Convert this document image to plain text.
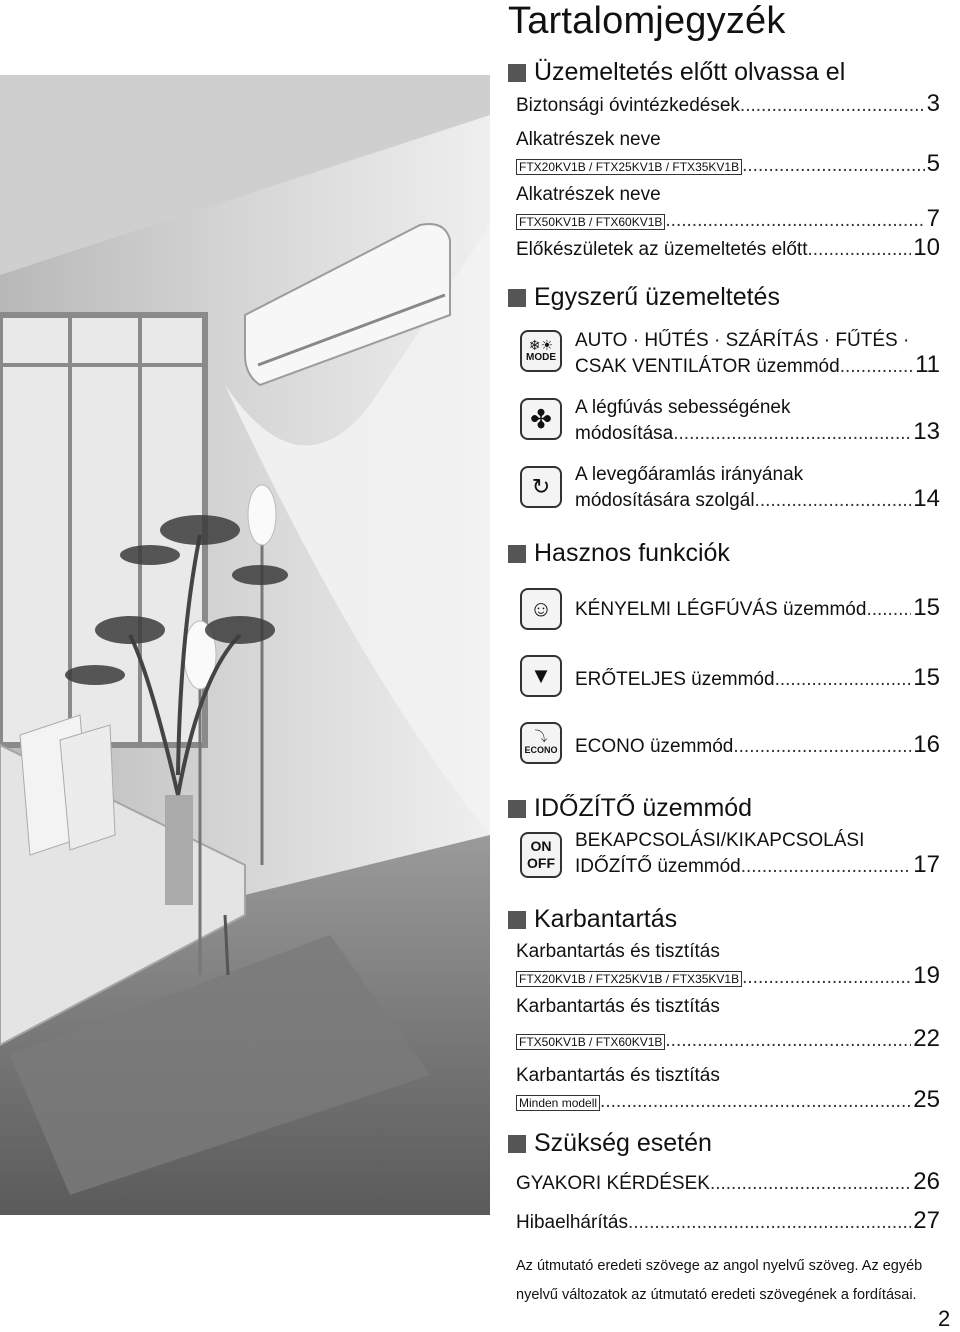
Tartalomjegyzék
Üzemeltetés előtt olvassa el
Biztonsági óvintézkedések .....	3
Alkatrészek neve
FTX20KV1B / FTX25KV1B / FTX35KV1B .....	5
Alkatrészek neve
FTX50KV1B / FTX60KV1B .....	7
Előkészületek az üzemeltetés előtt .....	10
Egyszerű üzemeltetés
❄☀
MODE
AUTO · HŰTÉS · SZÁRÍTÁS · FŰTÉS ·
CSAK VENTILÁTOR üzemmód .....	11
✤	A légfúvás sebességének
módosítása .....	13
↻	A levegőáramlás irányának
módosítására szolgál .....	14
Hasznos funkciók
☺	KÉNYELMI LÉGFÚVÁS üzemmód ..... 15
▼	ERŐTELJES üzemmód .....	15
⤵
ECONO ECONO üzemmód .....	16
IDŐZÍTŐ üzemmód
ON
OFF
BEKAPCSOLÁSI/KIKAPCSOLÁSI
IDŐZÍTŐ üzemmód .....	17
Karbantartás
Karbantartás és tisztítás
FTX20KV1B / FTX25KV1B / FTX35KV1B .....	19
Karbantartás és tisztítás
FTX50KV1B / FTX60KV1B .....	22
Karbantartás és tisztítás
Minden modell .....	25
Szükség esetén
GYAKORI KÉRDÉSEK .....	26
Hibaelhárítás .....	27
Az útmutató eredeti szövege az angol nyelvű szöveg. Az egyéb nyelvű változatok az útmutató eredeti szövegének a fordításai.
2
